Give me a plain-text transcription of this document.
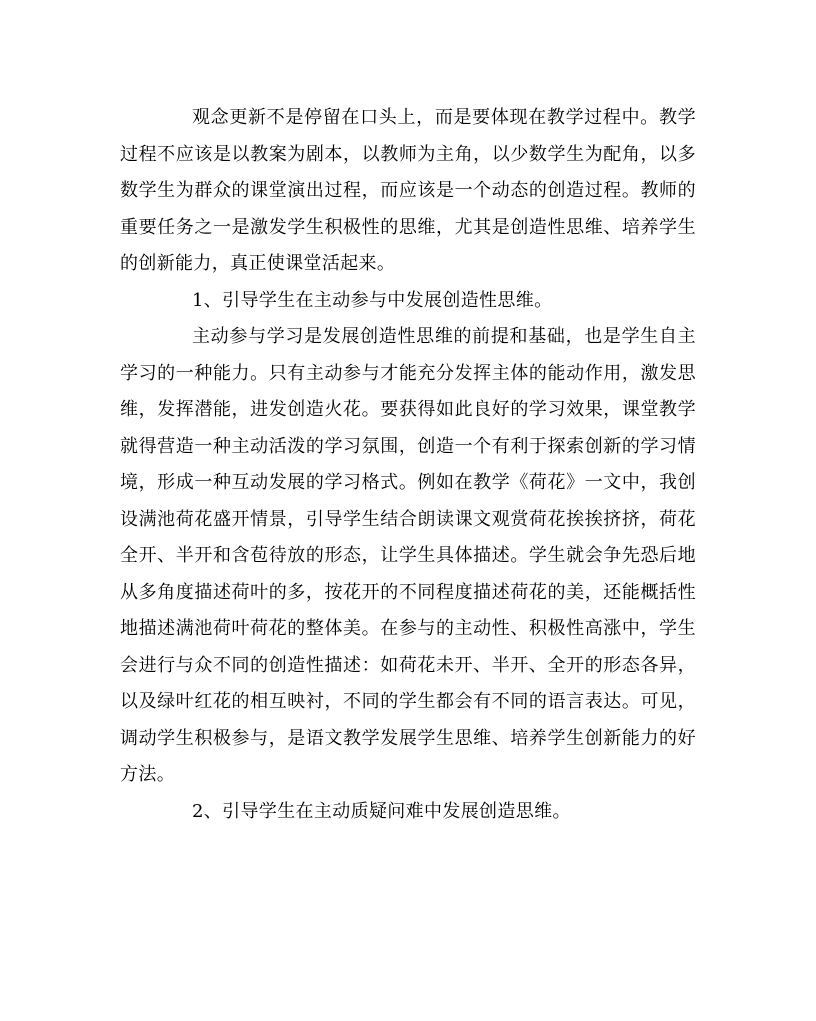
观念更新不是停留在口头上，而是要体现在教学过程中。教学过程不应该是以教案为剧本，以教师为主角，以少数学生为配角，以多数学生为群众的课堂演出过程，而应该是一个动态的创造过程。教师的重要任务之一是激发学生积极性的思维，尤其是创造性思维、培养学生的创新能力，真正使课堂活起来。

1、引导学生在主动参与中发展创造性思维。

主动参与学习是发展创造性思维的前提和基础，也是学生自主学习的一种能力。只有主动参与才能充分发挥主体的能动作用，激发思维，发挥潜能，进发创造火花。要获得如此良好的学习效果，课堂教学就得营造一种主动活泼的学习氛围，创造一个有利于探索创新的学习情境，形成一种互动发展的学习格式。例如在教学《荷花》一文中，我创设满池荷花盛开情景，引导学生结合朗读课文观赏荷花挨挨挤挤，荷花全开、半开和含苞待放的形态，让学生具体描述。学生就会争先恐后地从多角度描述荷叶的多，按花开的不同程度描述荷花的美，还能概括性地描述满池荷叶荷花的整体美。在参与的主动性、积极性高涨中，学生会进行与众不同的创造性描述：如荷花未开、半开、全开的形态各异，以及绿叶红花的相互映衬，不同的学生都会有不同的语言表达。可见，调动学生积极参与，是语文教学发展学生思维、培养学生创新能力的好方法。

2、引导学生在主动质疑问难中发展创造思维。
